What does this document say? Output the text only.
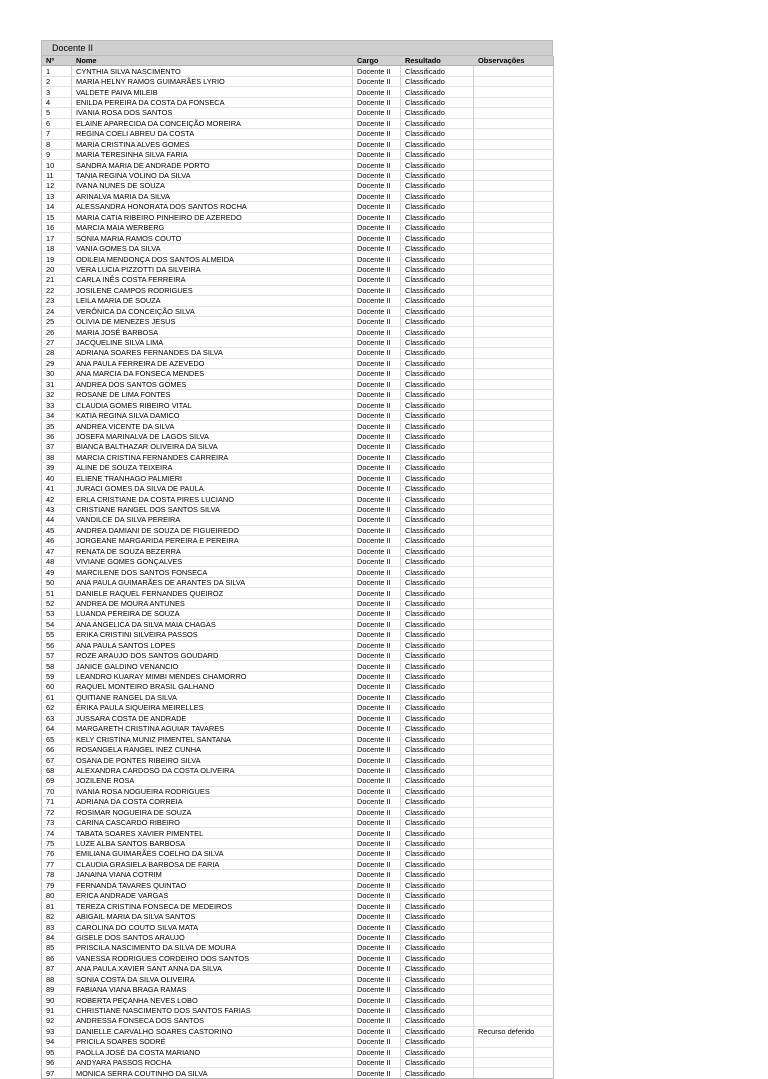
Docente II
Nº	Nome	Cargo	Resultado	Observações
1	CYNTHIA SILVA NASCIMENTO	Docente II	Classificado	
2	MARIA HELNY RAMOS GUIMARÃES LYRIO	Docente II	Classificado	
3	VALDETE PAIVA MILEIB	Docente II	Classificado	
4	ENILDA PEREIRA DA COSTA DA FONSECA	Docente II	Classificado	
5	IVANIA ROSA DOS SANTOS	Docente II	Classificado	
6	ELAINE APARECIDA DA CONCEIÇÃO MOREIRA	Docente II	Classificado	
7	REGINA COELI ABREU DA COSTA	Docente II	Classificado	
8	MARIA CRISTINA ALVES GOMES	Docente II	Classificado	
9	MARIA TERESINHA SILVA FARIA	Docente II	Classificado	
10	SANDRA MARIA DE ANDRADE PORTO	Docente II	Classificado	
11	TANIA REGINA VOLINO DA SILVA	Docente II	Classificado	
12	IVANA NUNES DE SOUZA	Docente II	Classificado	
13	ARINALVA MARIA DA SILVA	Docente II	Classificado	
14	ALESSANDRA HONORATA DOS SANTOS ROCHA	Docente II	Classificado	
15	MARIA CATIA RIBEIRO PINHEIRO DE AZEREDO	Docente II	Classificado	
16	MARCIA MAIA WERBERG	Docente II	Classificado	
17	SONIA MARIA RAMOS COUTO	Docente II	Classificado	
18	VANIA GOMES DA SILVA	Docente II	Classificado	
19	ODILEIA MENDONÇA DOS SANTOS ALMEIDA	Docente II	Classificado	
20	VERA LUCIA PIZZOTTI DA SILVEIRA	Docente II	Classificado	
21	CARLA INÊS COSTA FERREIRA	Docente II	Classificado	
22	JOSILENE CAMPOS RODRIGUES	Docente II	Classificado	
23	LEILA MARIA DE SOUZA	Docente II	Classificado	
24	VERÔNICA DA CONCEIÇÃO SILVA	Docente II	Classificado	
25	OLIVIA DE MENEZES JESUS	Docente II	Classificado	
26	MARIA JOSÉ BARBOSA	Docente II	Classificado	
27	JACQUELINE SILVA LIMA	Docente II	Classificado	
28	ADRIANA SOARES FERNANDES DA SILVA	Docente II	Classificado	
29	ANA PAULA FERREIRA DE AZEVEDO	Docente II	Classificado	
30	ANA MARCIA DA FONSECA MENDES	Docente II	Classificado	
31	ANDREA DOS SANTOS GOMES	Docente II	Classificado	
32	ROSANE DE LIMA FONTES	Docente II	Classificado	
33	CLAUDIA GOMES RIBEIRO VITAL	Docente II	Classificado	
34	KATIA REGINA SILVA DAMICO	Docente II	Classificado	
35	ANDREA VICENTE DA SILVA	Docente II	Classificado	
36	JOSEFA MARINALVA DE LAGOS SILVA	Docente II	Classificado	
37	BIANCA BALTHAZAR OLIVEIRA DA SILVA	Docente II	Classificado	
38	MARCIA CRISTINA FERNANDES CARREIRA	Docente II	Classificado	
39	ALINE DE SOUZA TEIXEIRA	Docente II	Classificado	
40	ELIENE TRANHAGO PALMIERI	Docente II	Classificado	
41	JURACI GOMES DA SILVA DE PAULA	Docente II	Classificado	
42	ERLA CRISTIANE DA COSTA PIRES LUCIANO	Docente II	Classificado	
43	CRISTIANE RANGEL DOS SANTOS SILVA	Docente II	Classificado	
44	VANDILCE DA SILVA PEREIRA	Docente II	Classificado	
45	ANDREA DAMIANI DE SOUZA DE FIGUEIREDO	Docente II	Classificado	
46	JORGEANE MARGARIDA PEREIRA E PEREIRA	Docente II	Classificado	
47	RENATA DE SOUZA BEZERRA	Docente II	Classificado	
48	VIVIANE GOMES GONÇALVES	Docente II	Classificado	
49	MARCILENE DOS SANTOS FONSECA	Docente II	Classificado	
50	ANA PAULA GUIMARÃES DE ARANTES DA SILVA	Docente II	Classificado	
51	DANIELE RAQUEL FERNANDES QUEIROZ	Docente II	Classificado	
52	ANDREA DE MOURA ANTUNES	Docente II	Classificado	
53	LUANDA PEREIRA DE SOUZA	Docente II	Classificado	
54	ANA ANGELICA DA SILVA MAIA CHAGAS	Docente II	Classificado	
55	ERIKA CRISTINI SILVEIRA PASSOS	Docente II	Classificado	
56	ANA PAULA SANTOS LOPES	Docente II	Classificado	
57	ROZE ARAUJO DOS SANTOS GOUDARD	Docente II	Classificado	
58	JANICE GALDINO VENANCIO	Docente II	Classificado	
59	LEANDRO KUARAY MIMBI MENDES CHAMORRO	Docente II	Classificado	
60	RAQUEL MONTEIRO BRASIL GALHANO	Docente II	Classificado	
61	QUITIANE RANGEL DA SILVA	Docente II	Classificado	
62	ÉRIKA PAULA SIQUEIRA MEIRELLES	Docente II	Classificado	
63	JUSSARA COSTA DE ANDRADE	Docente II	Classificado	
64	MARGARETH CRISTINA AGUIAR TAVARES	Docente II	Classificado	
65	KELY CRISTINA MUNIZ PIMENTEL SANTANA	Docente II	Classificado	
66	ROSANGELA RANGEL INEZ CUNHA	Docente II	Classificado	
67	OSANA DE PONTES RIBEIRO SILVA	Docente II	Classificado	
68	ALEXANDRA CARDOSO DA COSTA OLIVEIRA	Docente II	Classificado	
69	JOZILENE ROSA	Docente II	Classificado	
70	IVANIA ROSA NOGUEIRA RODRIGUES	Docente II	Classificado	
71	ADRIANA DA COSTA CORREIA	Docente II	Classificado	
72	ROSIMAR NOGUEIRA DE SOUZA	Docente II	Classificado	
73	CARINA CASCARDO RIBEIRO	Docente II	Classificado	
74	TABATA SOARES XAVIER PIMENTEL	Docente II	Classificado	
75	LUZE ALBA SANTOS BARBOSA	Docente II	Classificado	
76	EMILIANA GUIMARÃES COELHO DA SILVA	Docente II	Classificado	
77	CLAUDIA GRASIELA BARBOSA DE FARIA	Docente II	Classificado	
78	JANAINA VIANA COTRIM	Docente II	Classificado	
79	FERNANDA TAVARES QUINTAO	Docente II	Classificado	
80	ERICA ANDRADE VARGAS	Docente II	Classificado	
81	TEREZA CRISTINA FONSECA DE MEDEIROS	Docente II	Classificado	
82	ABIGAIL MARIA DA SILVA SANTOS	Docente II	Classificado	
83	CAROLINA DO COUTO SILVA MATA	Docente II	Classificado	
84	GISELE DOS SANTOS ARAUJO	Docente II	Classificado	
85	PRISCILA NASCIMENTO DA SILVA DE MOURA	Docente II	Classificado	
86	VANESSA RODRIGUES CORDEIRO DOS SANTOS	Docente II	Classificado	
87	ANA PAULA XAVIER SANT ANNA DA SILVA	Docente II	Classificado	
88	SONIA COSTA DA SILVA OLIVEIRA	Docente II	Classificado	
89	FABIANA VIANA BRAGA RAMAS	Docente II	Classificado	
90	ROBERTA PEÇANHA NEVES LOBO	Docente II	Classificado	
91	CHRISTIANE NASCIMENTO DOS SANTOS FARIAS	Docente II	Classificado	
92	ANDRESSA FONSECA DOS SANTOS	Docente II	Classificado	
93	DANIELLE CARVALHO SOARES CASTORINO	Docente II	Classificado	Recurso deferido
94	PRICILA SOARES SODRÉ	Docente II	Classificado	
95	PAOLLA JOSÉ DA COSTA MARIANO	Docente II	Classificado	
96	ANDYARA PASSOS ROCHA	Docente II	Classificado	
97	MONICA SERRA COUTINHO DA SILVA	Docente II	Classificado	
